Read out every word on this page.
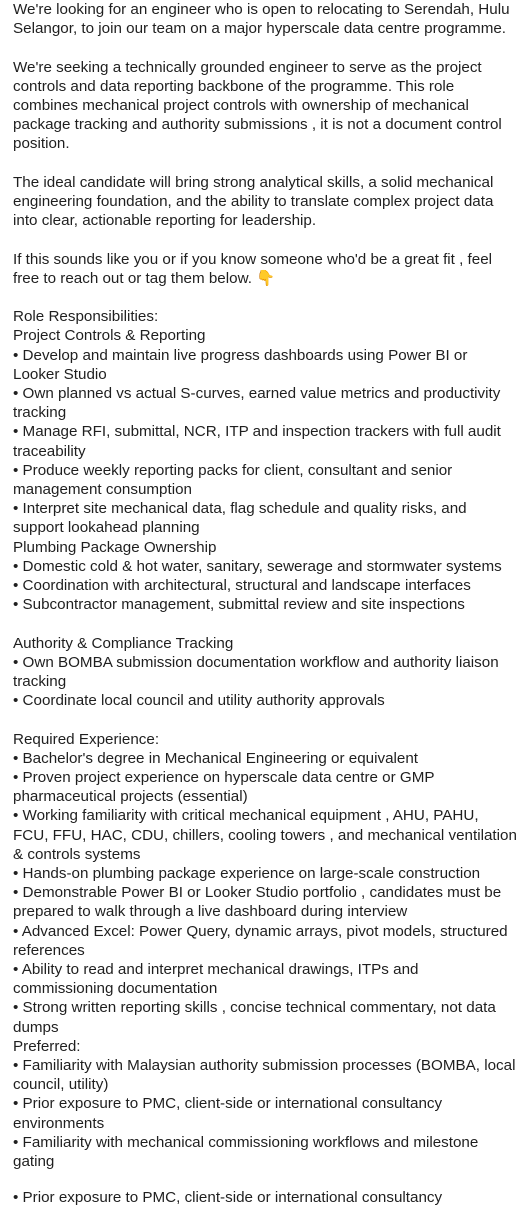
We're looking for an engineer who is open to relocating to Serendah, Hulu Selangor, to join our team on a major hyperscale data centre programme.

We're seeking a technically grounded engineer to serve as the project controls and data reporting backbone of the programme. This role combines mechanical project controls with ownership of mechanical package tracking and authority submissions , it is not a document control position.

The ideal candidate will bring strong analytical skills, a solid mechanical engineering foundation, and the ability to translate complex project data into clear, actionable reporting for leadership.

If this sounds like you or if you know someone who'd be a great fit , feel free to reach out or tag them below. 👇

Role Responsibilities:
Project Controls & Reporting
• Develop and maintain live progress dashboards using Power BI or Looker Studio
• Own planned vs actual S-curves, earned value metrics and productivity tracking
• Manage RFI, submittal, NCR, ITP and inspection trackers with full audit traceability
• Produce weekly reporting packs for client, consultant and senior management consumption
• Interpret site mechanical data, flag schedule and quality risks, and support lookahead planning
Plumbing Package Ownership
• Domestic cold & hot water, sanitary, sewerage and stormwater systems
• Coordination with architectural, structural and landscape interfaces
• Subcontractor management, submittal review and site inspections
Authority & Compliance Tracking
• Own BOMBA submission documentation workflow and authority liaison tracking
• Coordinate local council and utility authority approvals
Required Experience:
• Bachelor's degree in Mechanical Engineering or equivalent
• Proven project experience on hyperscale data centre or GMP pharmaceutical projects (essential)
• Working familiarity with critical mechanical equipment , AHU, PAHU, FCU, FFU, HAC, CDU, chillers, cooling towers , and mechanical ventilation & controls systems
• Hands-on plumbing package experience on large-scale construction
• Demonstrable Power BI or Looker Studio portfolio , candidates must be prepared to walk through a live dashboard during interview
• Advanced Excel: Power Query, dynamic arrays, pivot models, structured references
• Ability to read and interpret mechanical drawings, ITPs and commissioning documentation
• Strong written reporting skills , concise technical commentary, not data dumps
Preferred:
• Familiarity with Malaysian authority submission processes (BOMBA, local council, utility)
• Prior exposure to PMC, client-side or international consultancy environments
• Familiarity with mechanical commissioning workflows and milestone gating
• Prior exposure to PMC, client-side or international consultancy
